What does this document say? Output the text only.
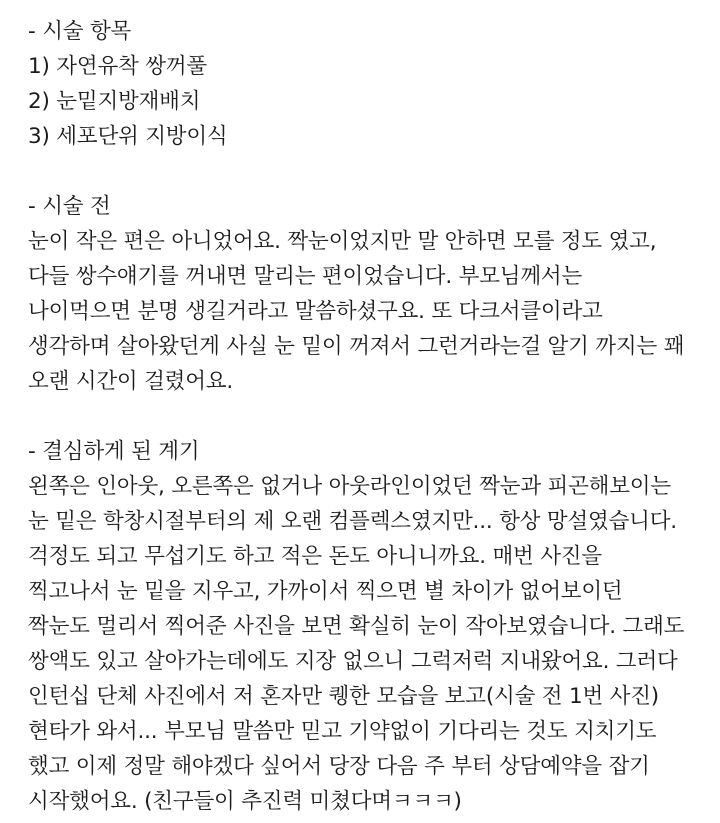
- 시술 항목
1) 자연유착 쌍꺼풀
2) 눈밑지방재배치
3) 세포단위 지방이식
- 시술 전
눈이 작은 편은 아니었어요. 짝눈이었지만 말 안하면 모를 정도 였고,
다들 쌍수얘기를 꺼내면 말리는 편이었습니다. 부모님께서는
나이먹으면 분명 생길거라고 말씀하셨구요. 또 다크서클이라고
생각하며 살아왔던게 사실 눈 밑이 꺼져서 그런거라는걸 알기 까지는 꽤
오랜 시간이 걸렸어요.
- 결심하게 된 계기
왼쪽은 인아웃, 오른쪽은 없거나 아웃라인이었던 짝눈과 피곤해보이는
눈 밑은 학창시절부터의 제 오랜 컴플렉스였지만... 항상 망설였습니다.
걱정도 되고 무섭기도 하고 적은 돈도 아니니까요. 매번 사진을
찍고나서 눈 밑을 지우고, 가까이서 찍으면 별 차이가 없어보이던
짝눈도 멀리서 찍어준 사진을 보면 확실히 눈이 작아보였습니다. 그래도
쌍액도 있고 살아가는데에도 지장 없으니 그럭저럭 지내왔어요. 그러다
인턴십 단체 사진에서 저 혼자만 퀭한 모습을 보고(시술 전 1번 사진)
현타가 와서... 부모님 말씀만 믿고 기약없이 기다리는 것도 지치기도
했고 이제 정말 해야겠다 싶어서 당장 다음 주 부터 상담예약을 잡기
시작했어요. (친구들이 추진력 미쳤다며ㅋㅋㅋ)
